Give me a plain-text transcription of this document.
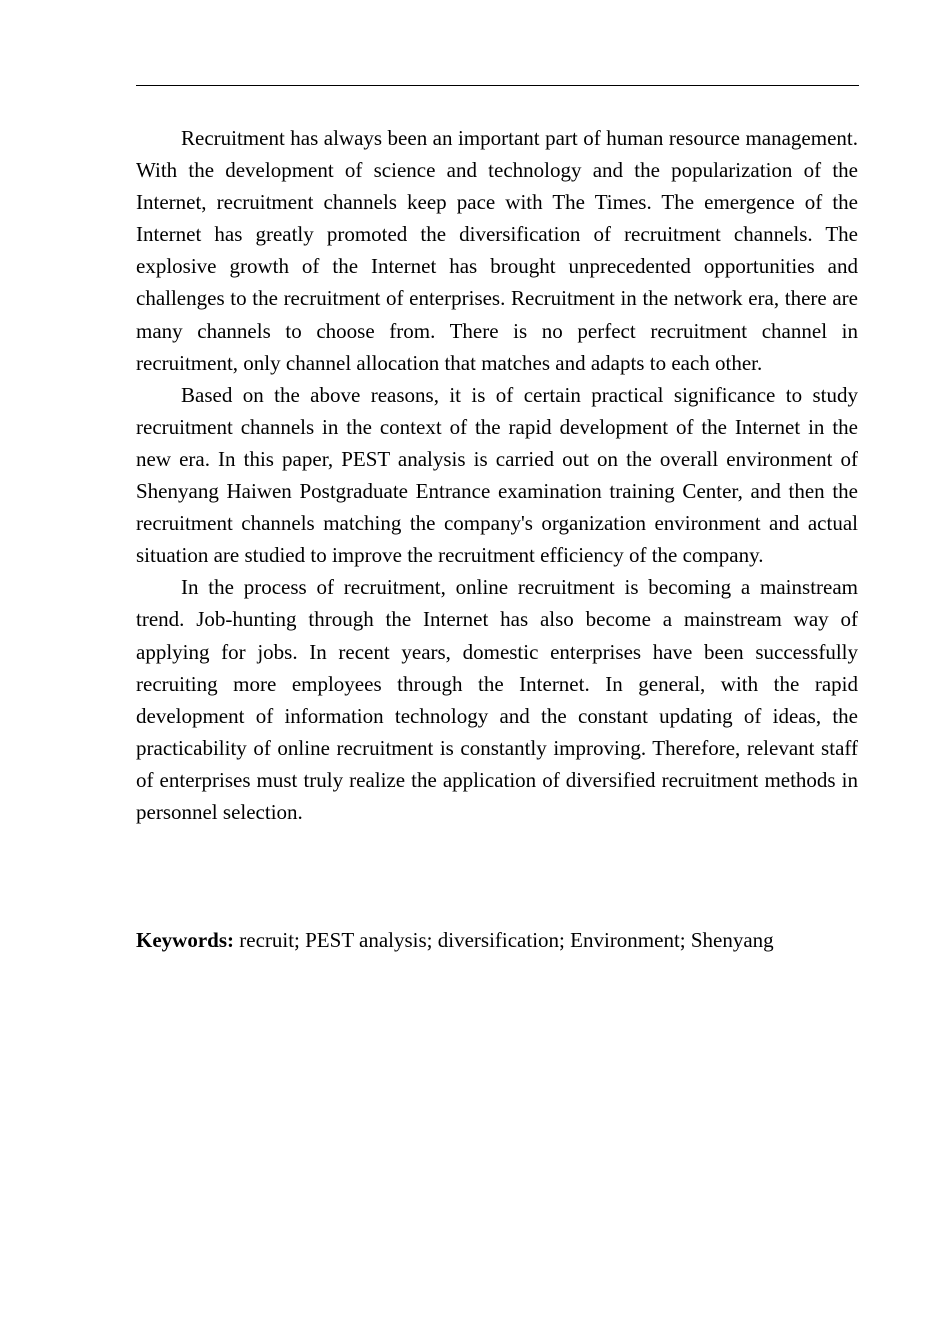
Recruitment has always been an important part of human resource management. With the development of science and technology and the popularization of the Internet, recruitment channels keep pace with The Times. The emergence of the Internet has greatly promoted the diversification of recruitment channels. The explosive growth of the Internet has brought unprecedented opportunities and challenges to the recruitment of enterprises. Recruitment in the network era, there are many channels to choose from. There is no perfect recruitment channel in recruitment, only channel allocation that matches and adapts to each other.

Based on the above reasons, it is of certain practical significance to study recruitment channels in the context of the rapid development of the Internet in the new era. In this paper, PEST analysis is carried out on the overall environment of Shenyang Haiwen Postgraduate Entrance examination training Center, and then the recruitment channels matching the company's organization environment and actual situation are studied to improve the recruitment efficiency of the company.

In the process of recruitment, online recruitment is becoming a mainstream trend. Job-hunting through the Internet has also become a mainstream way of applying for jobs. In recent years, domestic enterprises have been successfully recruiting more employees through the Internet. In general, with the rapid development of information technology and the constant updating of ideas, the practicability of online recruitment is constantly improving. Therefore, relevant staff of enterprises must truly realize the application of diversified recruitment methods in personnel selection.

Keywords: recruit; PEST analysis; diversification; Environment; Shenyang
